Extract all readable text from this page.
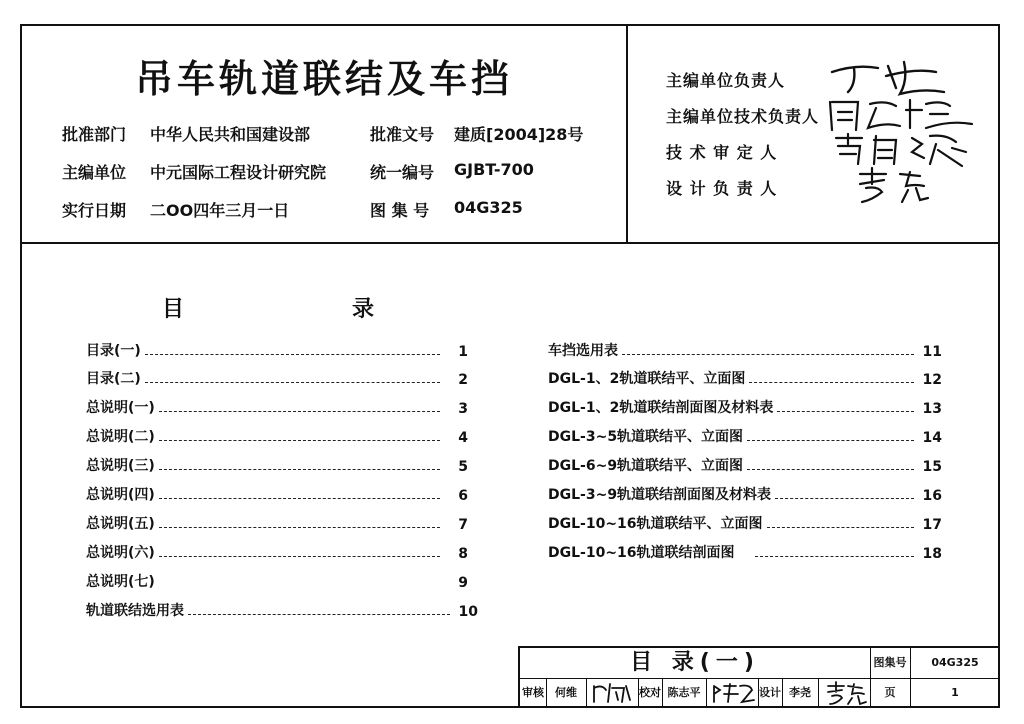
吊车轨道联结及车挡
批准部门 中华人民共和国建设部	批准文号 建质[2004]28号
主编单位 中元国际工程设计研究院	统一编号 GJBT-700
实行日期 二OO四年三月一日	图 集 号 04G325
主编单位负责人
主编单位技术负责人
技 术 审 定 人
设 计 负 责 人
目	录
目录(一)	1
目录(二)	2
总说明(一)	3
总说明(二)	4
总说明(三)	5
总说明(四)	6
总说明(五)	7
总说明(六)	8
总说明(七)	9
轨道联结选用表	10
车挡选用表	11
DGL-1、2轨道联结平、立面图	12
DGL-1、2轨道联结剖面图及材料表	13
DGL-3~5轨道联结平、立面图	14
DGL-6~9轨道联结平、立面图	15
DGL-3~9轨道联结剖面图及材料表	16
DGL-10~16轨道联结平、立面图	17
DGL-10~16轨道联结剖面图	18
目 录(一)	图集号	04G325
审核	何维	校对 陈志平	设计 李尧	页	1
